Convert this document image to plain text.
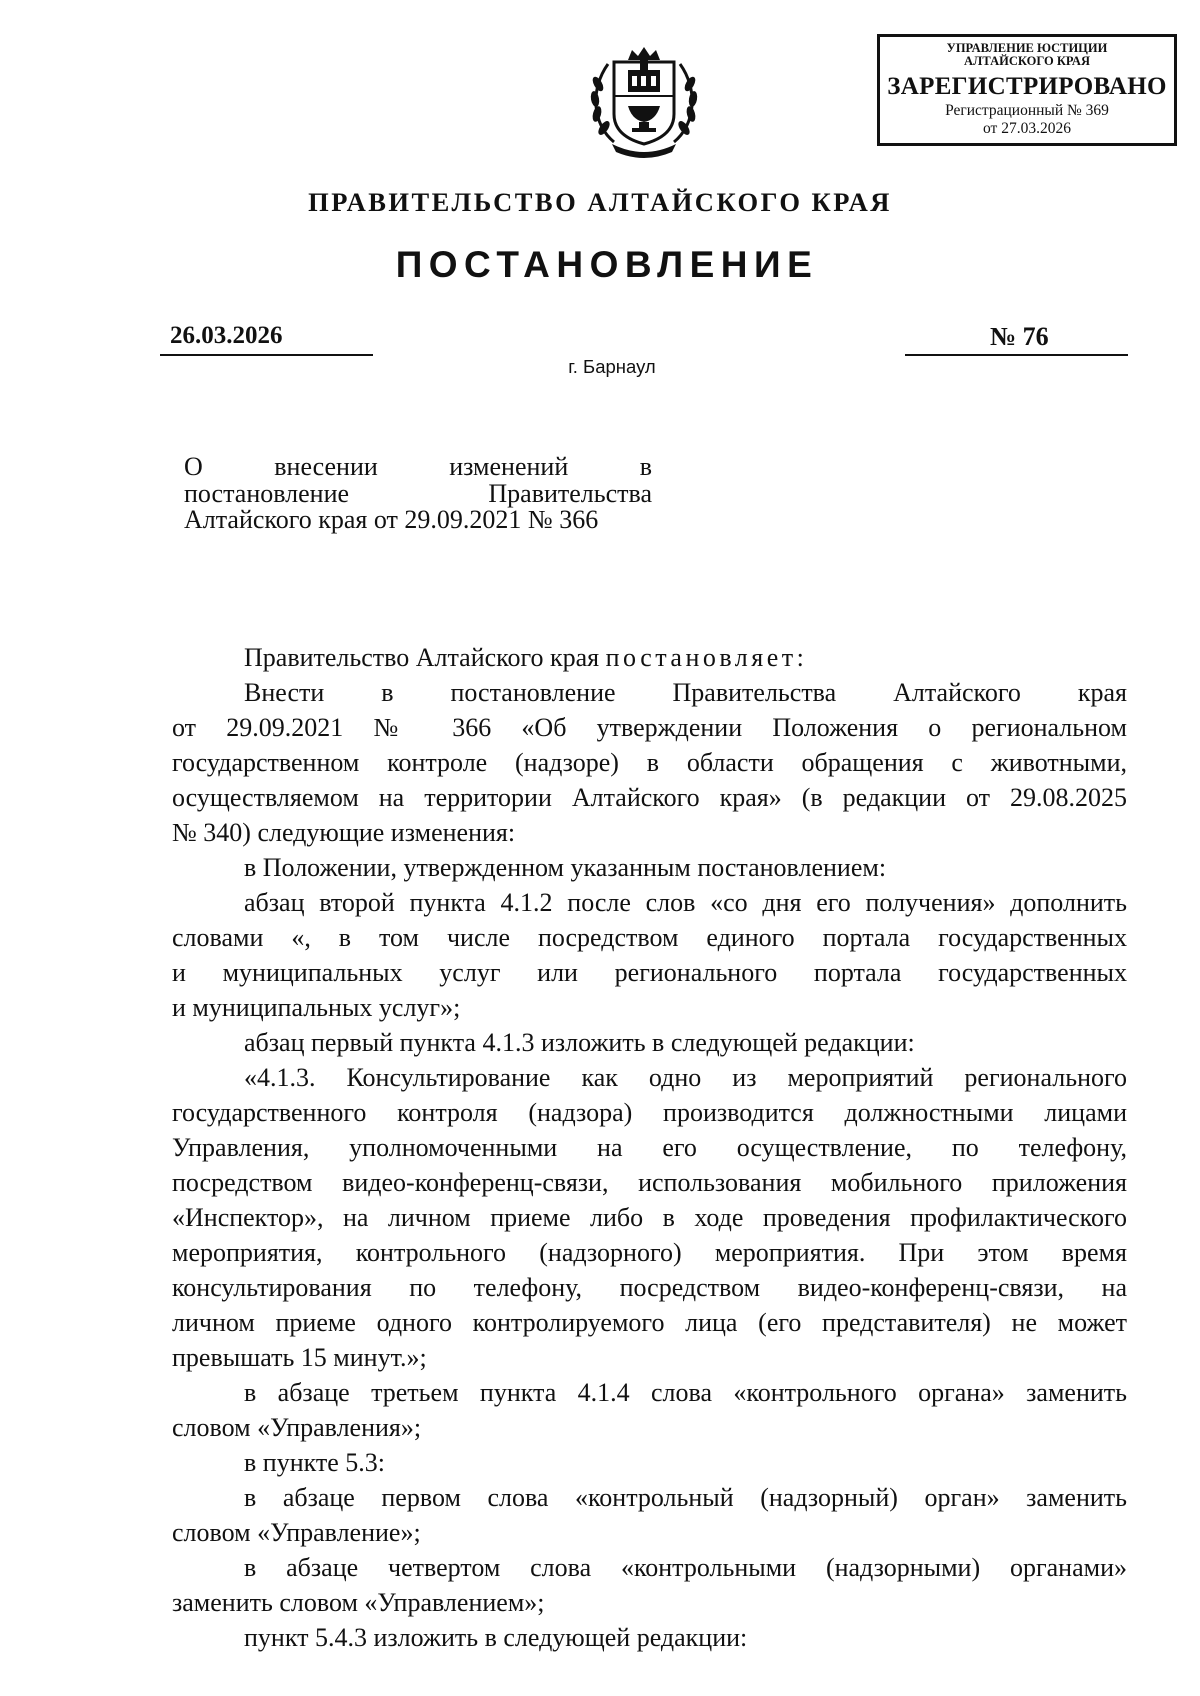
УПРАВЛЕНИЕ ЮСТИЦИИ
АЛТАЙСКОГО КРАЯ
ЗАРЕГИСТРИРОВАНО
Регистрационный № 369
от 27.03.2026
ПРАВИТЕЛЬСТВО АЛТАЙСКОГО КРАЯ
ПОСТАНОВЛЕНИЕ
26.03.2026	№ 76
г. Барнаул
О внесении изменений в
постановление Правительства
Алтайского края от 29.09.2021 № 366

Правительство Алтайского края постановляет:

Внести в постановление Правительства Алтайского края
от 29.09.2021 № 366 «Об утверждении Положения о региональном
государственном контроле (надзоре) в области обращения с животными,
осуществляемом на территории Алтайского края» (в редакции от 29.08.2025
№ 340) следующие изменения:

в Положении, утвержденном указанным постановлением:

абзац второй пункта 4.1.2 после слов «со дня его получения» дополнить
словами «, в том числе посредством единого портала государственных
и муниципальных услуг или регионального портала государственных
и муниципальных услуг»;

абзац первый пункта 4.1.3 изложить в следующей редакции:

«4.1.3. Консультирование как одно из мероприятий регионального
государственного контроля (надзора) производится должностными лицами
Управления, уполномоченными на его осуществление, по телефону,
посредством видео-конференц-связи, использования мобильного приложения
«Инспектор», на личном приеме либо в ходе проведения профилактического
мероприятия, контрольного (надзорного) мероприятия. При этом время
консультирования по телефону, посредством видео-конференц-связи, на
личном приеме одного контролируемого лица (его представителя) не может
превышать 15 минут.»;
в абзаце третьем пункта 4.1.4 слова «контрольного органа» заменить
словом «Управления»;

в пункте 5.3:

в абзаце первом слова «контрольный (надзорный) орган» заменить
словом «Управление»;
в абзаце четвертом слова «контрольными (надзорными) органами»
заменить словом «Управлением»;

пункт 5.4.3 изложить в следующей редакции:
